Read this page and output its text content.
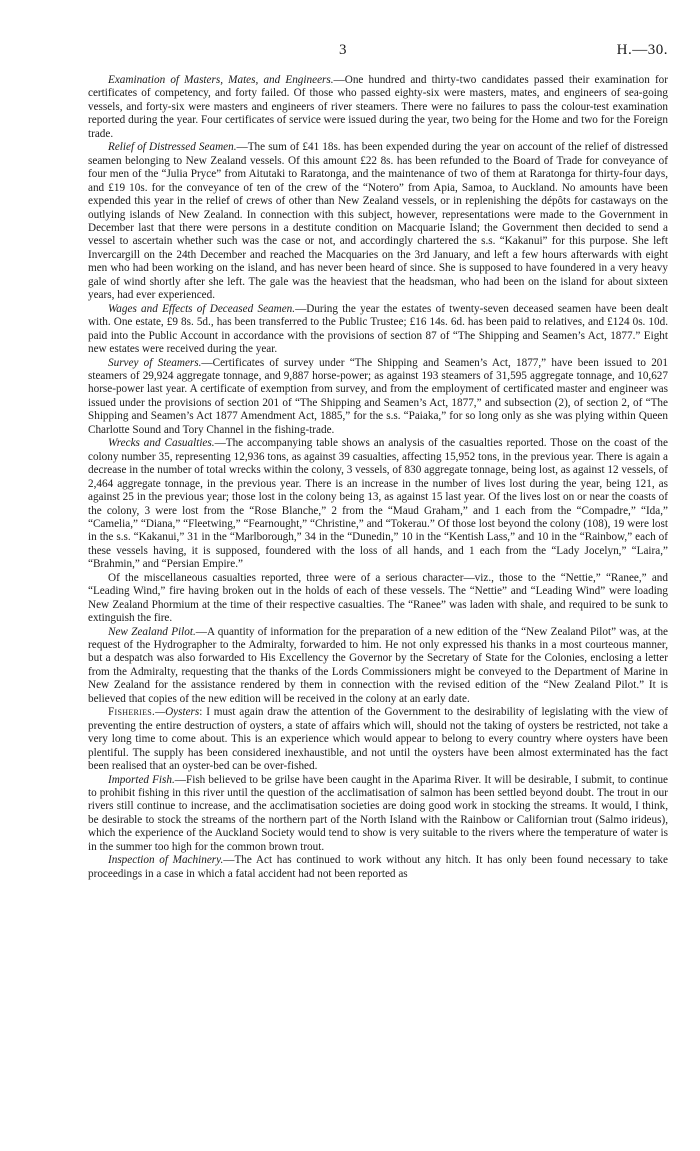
3	H.—30.

Examination of Masters, Mates, and Engineers.—One hundred and thirty-two candidates passed their examination for certificates of competency, and forty failed. Of those who passed eighty-six were masters, mates, and engineers of sea-going vessels, and forty-six were masters and engineers of river steamers. There were no failures to pass the colour-test examination reported during the year. Four certificates of service were issued during the year, two being for the Home and two for the Foreign trade.

Relief of Distressed Seamen.—The sum of £41 18s. has been expended during the year on account of the relief of distressed seamen belonging to New Zealand vessels. Of this amount £22 8s. has been refunded to the Board of Trade for conveyance of four men of the “Julia Pryce” from Aitutaki to Raratonga, and the maintenance of two of them at Raratonga for thirty-four days, and £19 10s. for the conveyance of ten of the crew of the “Notero” from Apia, Samoa, to Auckland. No amounts have been expended this year in the relief of crews of other than New Zealand vessels, or in replenishing the dépôts for castaways on the outlying islands of New Zealand. In connection with this subject, however, representations were made to the Government in December last that there were persons in a destitute condition on Macquarie Island; the Government then decided to send a vessel to ascertain whether such was the case or not, and accordingly chartered the s.s. “Kakanui” for this purpose. She left Invercargill on the 24th December and reached the Macquaries on the 3rd January, and left a few hours afterwards with eight men who had been working on the island, and has never been heard of since. She is supposed to have foundered in a very heavy gale of wind shortly after she left. The gale was the heaviest that the headsman, who had been on the island for about sixteen years, had ever experienced.

Wages and Effects of Deceased Seamen.—During the year the estates of twenty-seven deceased seamen have been dealt with. One estate, £9 8s. 5d., has been transferred to the Public Trustee; £16 14s. 6d. has been paid to relatives, and £124 0s. 10d. paid into the Public Account in accordance with the provisions of section 87 of “The Shipping and Seamen’s Act, 1877.” Eight new estates were received during the year.

Survey of Steamers.—Certificates of survey under “The Shipping and Seamen’s Act, 1877,” have been issued to 201 steamers of 29,924 aggregate tonnage, and 9,887 horse-power; as against 193 steamers of 31,595 aggregate tonnage, and 10,627 horse-power last year. A certificate of exemption from survey, and from the employment of certificated master and engineer was issued under the provisions of section 201 of “The Shipping and Seamen’s Act, 1877,” and subsection (2), of section 2, of “The Shipping and Seamen’s Act 1877 Amendment Act, 1885,” for the s.s. “Paiaka,” for so long only as she was plying within Queen Charlotte Sound and Tory Channel in the fishing-trade.

Wrecks and Casualties.—The accompanying table shows an analysis of the casualties reported. Those on the coast of the colony number 35, representing 12,936 tons, as against 39 casualties, affecting 15,952 tons, in the previous year. There is again a decrease in the number of total wrecks within the colony, 3 vessels, of 830 aggregate tonnage, being lost, as against 12 vessels, of 2,464 aggregate tonnage, in the previous year. There is an increase in the number of lives lost during the year, being 121, as against 25 in the previous year; those lost in the colony being 13, as against 15 last year. Of the lives lost on or near the coasts of the colony, 3 were lost from the “Rose Blanche,” 2 from the “Maud Graham,” and 1 each from the “Compadre,” “Ida,” “Camelia,” “Diana,” “Fleetwing,” “Fearnought,” “Christine,” and “Tokerau.” Of those lost beyond the colony (108), 19 were lost in the s.s. “Kakanui,” 31 in the “Marlborough,” 34 in the “Dunedin,” 10 in the “Kentish Lass,” and 10 in the “Rainbow,” each of these vessels having, it is supposed, foundered with the loss of all hands, and 1 each from the “Lady Jocelyn,” “Laira,” “Brahmin,” and “Persian Empire.”

Of the miscellaneous casualties reported, three were of a serious character—viz., those to the “Nettie,” “Ranee,” and “Leading Wind,” fire having broken out in the holds of each of these vessels. The “Nettie” and “Leading Wind” were loading New Zealand Phormium at the time of their respective casualties. The “Ranee” was laden with shale, and required to be sunk to extinguish the fire.

New Zealand Pilot.—A quantity of information for the preparation of a new edition of the “New Zealand Pilot” was, at the request of the Hydrographer to the Admiralty, forwarded to him. He not only expressed his thanks in a most courteous manner, but a despatch was also forwarded to His Excellency the Governor by the Secretary of State for the Colonies, enclosing a letter from the Admiralty, requesting that the thanks of the Lords Commissioners might be conveyed to the Department of Marine in New Zealand for the assistance rendered by them in connection with the revised edition of the “New Zealand Pilot.” It is believed that copies of the new edition will be received in the colony at an early date.

Fisheries.—Oysters: I must again draw the attention of the Government to the desirability of legislating with the view of preventing the entire destruction of oysters, a state of affairs which will, should not the taking of oysters be restricted, not take a very long time to come about. This is an experience which would appear to belong to every country where oysters have been plentiful. The supply has been considered inexhaustible, and not until the oysters have been almost exterminated has the fact been realised that an oyster-bed can be over-fished.

Imported Fish.—Fish believed to be grilse have been caught in the Aparima River. It will be desirable, I submit, to continue to prohibit fishing in this river until the question of the acclimatisation of salmon has been settled beyond doubt. The trout in our rivers still continue to increase, and the acclimatisation societies are doing good work in stocking the streams. It would, I think, be desirable to stock the streams of the northern part of the North Island with the Rainbow or Californian trout (Salmo irideus), which the experience of the Auckland Society would tend to show is very suitable to the rivers where the temperature of water is in the summer too high for the common brown trout.

Inspection of Machinery.—The Act has continued to work without any hitch. It has only been found necessary to take proceedings in a case in which a fatal accident had not been reported as
